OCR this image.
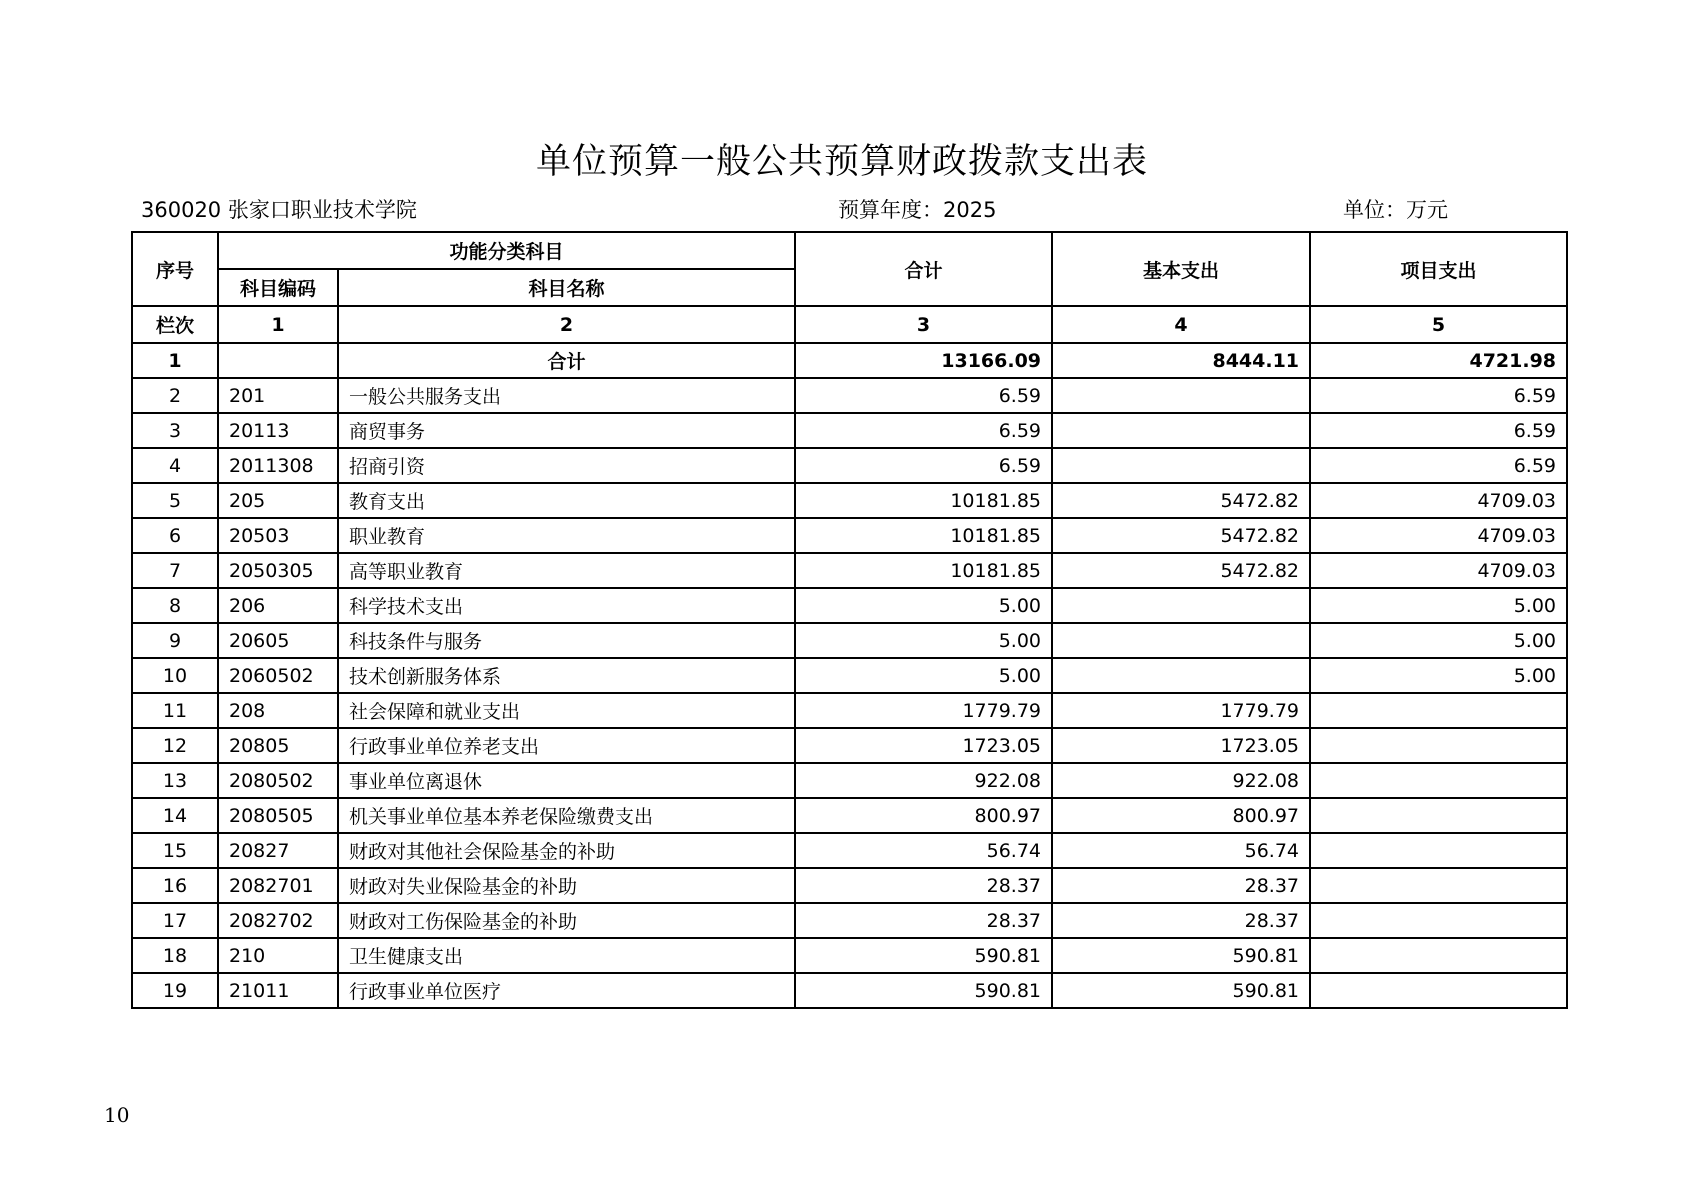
单位预算一般公共预算财政拨款支出表
360020 张家口职业技术学院	预算年度：2025	单位：万元
序号	功能分类科目		合计	基本支出	项目支出
	科目编码	科目名称			
栏次	1	2	3	4	5
1		合计	13166.09	8444.11	4721.98
2	201	一般公共服务支出	6.59		6.59
3	20113	商贸事务	6.59		6.59
4	2011308	招商引资	6.59		6.59
5	205	教育支出	10181.85	5472.82	4709.03
6	20503	职业教育	10181.85	5472.82	4709.03
7	2050305	高等职业教育	10181.85	5472.82	4709.03
8	206	科学技术支出	5.00		5.00
9	20605	科技条件与服务	5.00		5.00
10	2060502	技术创新服务体系	5.00		5.00
11	208	社会保障和就业支出	1779.79	1779.79	
12	20805	行政事业单位养老支出	1723.05	1723.05	
13	2080502	事业单位离退休	922.08	922.08	
14	2080505	机关事业单位基本养老保险缴费支出	800.97	800.97	
15	20827	财政对其他社会保险基金的补助	56.74	56.74	
16	2082701	财政对失业保险基金的补助	28.37	28.37	
17	2082702	财政对工伤保险基金的补助	28.37	28.37	
18	210	卫生健康支出	590.81	590.81	
19	21011	行政事业单位医疗	590.81	590.81	
10
